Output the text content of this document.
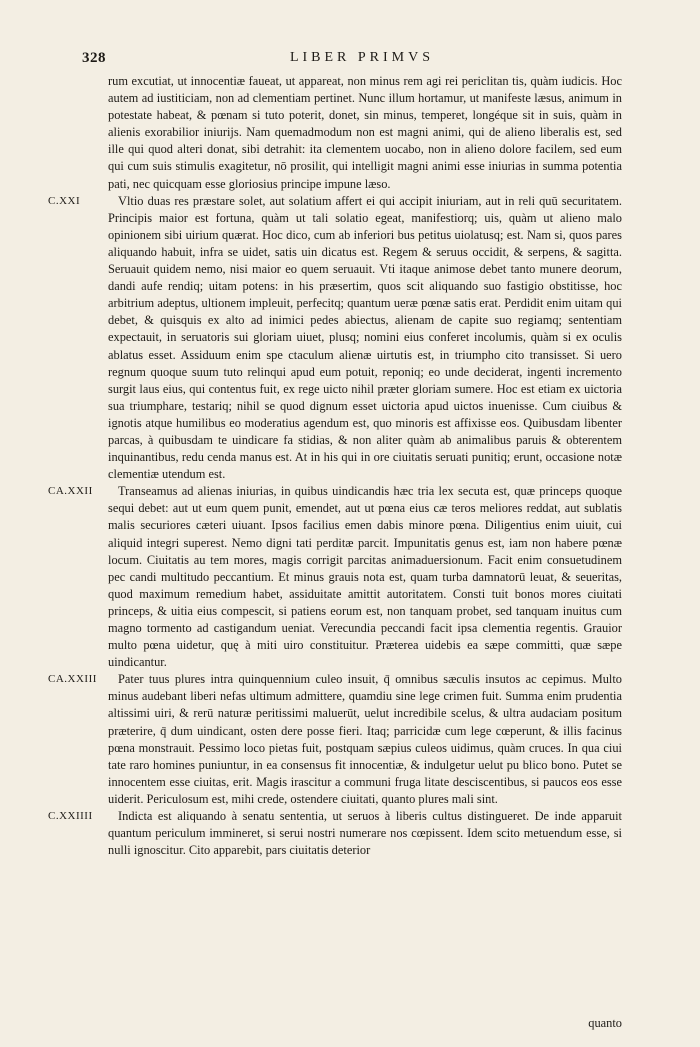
328	LIBER PRIMVS

rum excutiat, ut innocentiæ faueat, ut appareat, non minus rem agi rei periclitan tis, quàm iudicis. Hoc autem ad iustiticiam, non ad clementiam pertinet. Nunc illum hortamur, ut manifeste læsus, animum in potestate habeat, & pœnam si tuto poterit, donet, sin minus, temperet, longéque sit in suis, quàm in alienis exorabilior iniurijs. Nam quemadmodum non est magni animi, qui de alieno liberalis est, sed ille qui quod alteri donat, sibi detrahit: ita clementem uocabo, non in alieno dolore facilem, sed eum qui cum suis stimulis exagitetur, nō prosilit, qui intelligit magni animi esse iniurias in summa potentia pati, nec quicquam esse gloriosius principe impune læso.

C.XXI	Vltio duas res præstare solet, aut solatium affert ei qui accipit iniuriam, aut in reli quū securitatem. Principis maior est fortuna, quàm ut tali solatio egeat, manifestiorq; uis, quàm ut alieno malo opinionem sibi uirium quærat. Hoc dico, cum ab inferiori bus petitus uiolatusq; est. Nam si, quos pares aliquando habuit, infra se uidet, satis uin dicatus est. Regem & seruus occidit, & serpens, & sagitta. Seruauit quidem nemo, nisi maior eo quem seruauit. Vti itaque animose debet tanto munere deorum, dandi aufe rendiq; uitam potens: in his præsertim, quos scit aliquando suo fastigio obstitisse, hoc arbitrium adeptus, ultionem impleuit, perfecitq; quantum ueræ pœnæ satis erat. Perdidit enim uitam qui debet, & quisquis ex alto ad inimici pedes abiectus, alienam de capite suo regiamq; sententiam expectauit, in seruatoris sui gloriam uiuet, plusq; nomini eius conferet incolumis, quàm si ex oculis ablatus esset. Assiduum enim spe ctaculum alienæ uirtutis est, in triumpho cito transisset. Si uero regnum quoque suum tuto relinqui apud eum potuit, reponiq; eo unde deciderat, ingenti incremento surgit laus eius, qui contentus fuit, ex rege uicto nihil præter gloriam sumere. Hoc est etiam ex uictoria sua triumphare, testariq; nihil se quod dignum esset uictoria apud uictos inuenisse. Cum ciuibus & ignotis atque humilibus eo moderatius agendum est, quo minoris est affixisse eos. Quibusdam libenter parcas, à quibusdam te uindicare fa stidias, & non aliter quàm ab animalibus paruis & obterentem inquinantibus, redu cenda manus est. At in his qui in ore ciuitatis seruati punitiq; erunt, occasione notæ clementiæ utendum est.

CA.XXII Transeamus ad alienas iniurias, in quibus uindicandis hæc tria lex secuta est, quæ princeps quoque sequi debet: aut ut eum quem punit, emendet, aut ut pœna eius cæ teros meliores reddat, aut sublatis malis securiores cæteri uiuant. Ipsos facilius emen dabis minore pœna. Diligentius enim uiuit, cui aliquid integri superest. Nemo digni tati perditæ parcit. Impunitatis genus est, iam non habere pœnæ locum. Ciuitatis au tem mores, magis corrigit parcitas animaduersionum. Facit enim consuetudinem pec candi multitudo peccantium. Et minus grauis nota est, quam turba damnatorū leuat, & seueritas, quod maximum remedium habet, assiduitate amittit autoritatem. Consti tuit bonos mores ciuitati princeps, & uitia eius compescit, si patiens eorum est, non tanquam probet, sed tanquam inuitus cum magno tormento ad castigandum ueniat. Verecundia peccandi facit ipsa clementia regentis. Grauior multo pœna uidetur, quę à miti uiro constituitur. Præterea uidebis ea sæpe committi, quæ sæpe uindicantur.

CA.XXIII Pater tuus plures intra quinquennium culeo insuit, q̄ omnibus sæculis insutos ac cepimus. Multo minus audebant liberi nefas ultimum admittere, quamdiu sine lege crimen fuit. Summa enim prudentia altissimi uiri, & rerū naturæ peritissimi maluerūt, uelut incredibile scelus, & ultra audaciam positum præterire, q̄ dum uindicant, osten dere posse fieri. Itaq; parricidæ cum lege cœperunt, & illis facinus pœna monstrauit. Pessimo loco pietas fuit, postquam sæpius culeos uidimus, quàm cruces. In qua ciui tate raro homines puniuntur, in ea consensus fit innocentiæ, & indulgetur uelut pu blico bono. Putet se innocentem esse ciuitas, erit. Magis irascitur a communi fruga litate desciscentibus, si paucos eos esse uiderit. Periculosum est, mihi crede, ostendere ciuitati, quanto plures mali sint.

C.XXIIII Indicta est aliquando à senatu sententia, ut seruos à liberis cultus distingueret. De inde apparuit quantum periculum immineret, si serui nostri numerare nos cœpissent. Idem scito metuendum esse, si nulli ignoscitur. Cito apparebit, pars ciuitatis deterior

quanto
